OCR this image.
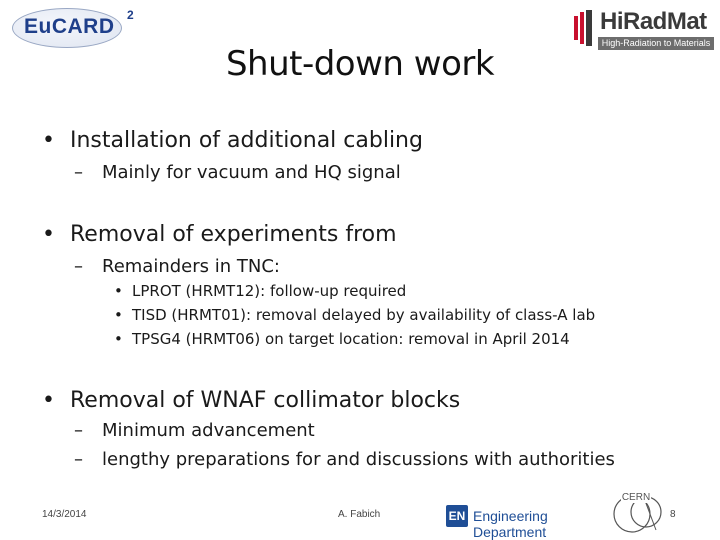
EuCARD 2	HiRadMat
High-Radiation to Materials
Shut-down work
• Installation of additional cabling
– Mainly for vacuum and HQ signal
• Removal of experiments from
– Remainders in TNC:
• LPROT (HRMT12): follow-up required
• TISD (HRMT01): removal delayed by availability of class-A lab
• TPSG4 (HRMT06) on target location: removal in April 2014
• Removal of WNAF collimator blocks
– Minimum advancement
– lengthy preparations for and discussions with authorities
14/3/2014	A. Fabich	EN Engineering Department
CERN
8
